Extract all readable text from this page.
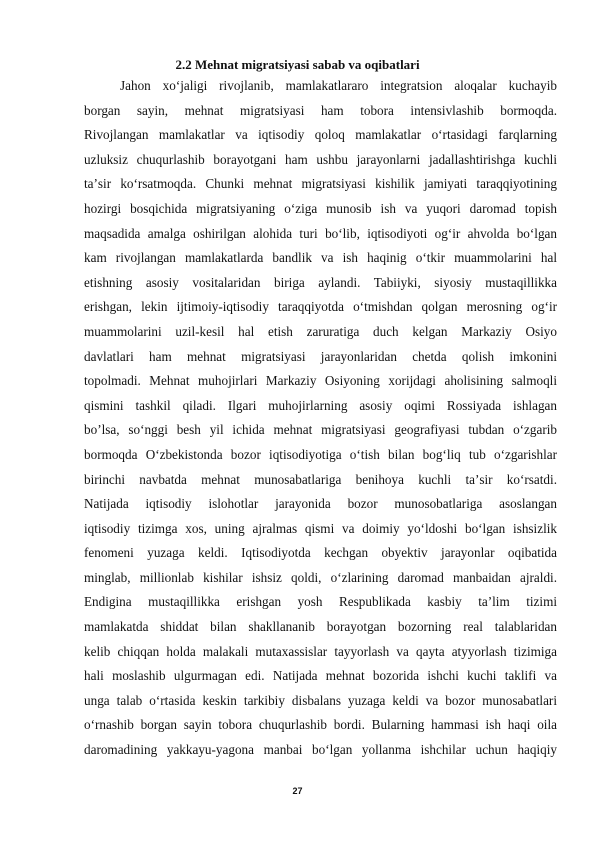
2.2 Mehnat migratsiyasi sabab va oqibatlari
Jahon xoʻjaligi rivojlanib, mamlakatlararo integratsion aloqalar kuchayib
borgan sayin, mehnat migratsiyasi ham tobora intensivlashib bormoqda.
Rivojlangan mamlakatlar va iqtisodiy qoloq mamlakatlar oʻrtasidagi farqlarning
uzluksiz chuqurlashib borayotgani ham ushbu jarayonlarni jadallashtirishga kuchli
taʼsir koʻrsatmoqda. Chunki mehnat migratsiyasi kishilik jamiyati taraqqiyotining
hozirgi bosqichida migratsiyaning oʻziga munosib ish va yuqori daromad topish
maqsadida amalga oshirilgan alohida turi boʻlib, iqtisodiyoti ogʻir ahvolda boʻlgan
kam rivojlangan mamlakatlarda bandlik va ish haqinig oʻtkir muammolarini hal
etishning asosiy vositalaridan biriga aylandi. Tabiiyki, siyosiy mustaqillikka
erishgan, lekin ijtimoiy-iqtisodiy taraqqiyotda oʻtmishdan qolgan merosning ogʻir
muammolarini uzil-kesil hal etish zaruratiga duch kelgan Markaziy Osiyo
davlatlari ham mehnat migratsiyasi jarayonlaridan chetda qolish imkonini
topolmadi. Mehnat muhojirlari Markaziy Osiyoning xorijdagi aholisining salmoqli
qismini tashkil qiladi. Ilgari muhojirlarning asosiy oqimi Rossiyada ishlagan
bo’lsa, so‘nggi besh yil ichida mehnat migratsiyasi geografiyasi tubdan o‘zgarib
bormoqda Oʻzbekistonda bozor iqtisodiyotiga oʻtish bilan bogʻliq tub oʻzgarishlar
birinchi navbatda mehnat munosabatlariga benihoya kuchli taʼsir koʻrsatdi.
Natijada iqtisodiy islohotlar jarayonida bozor munosobatlariga asoslangan
iqtisodiy tizimga xos, uning ajralmas qismi va doimiy yoʻldoshi boʻlgan ishsizlik
fenomeni yuzaga keldi. Iqtisodiyotda kechgan obyektiv jarayonlar oqibatida
minglab, millionlab kishilar ishsiz qoldi, oʻzlarining daromad manbaidan ajraldi.
Endigina mustaqillikka erishgan yosh Respublikada kasbiy taʼlim tizimi
mamlakatda shiddat bilan shakllananib borayotgan bozorning real talablaridan
kelib chiqqan holda malakali mutaxassislar tayyorlash va qayta atyyorlash tizimiga
hali moslashib ulgurmagan edi. Natijada mehnat bozorida ishchi kuchi taklifi va
unga talab oʻrtasida keskin tarkibiy disbalans yuzaga keldi va bozor munosabatlari
oʻrnashib borgan sayin tobora chuqurlashib bordi. Bularning hammasi ish haqi oila
daromadining yakkayu-yagona manbai boʻlgan yollanma ishchilar uchun haqiqiy
27
